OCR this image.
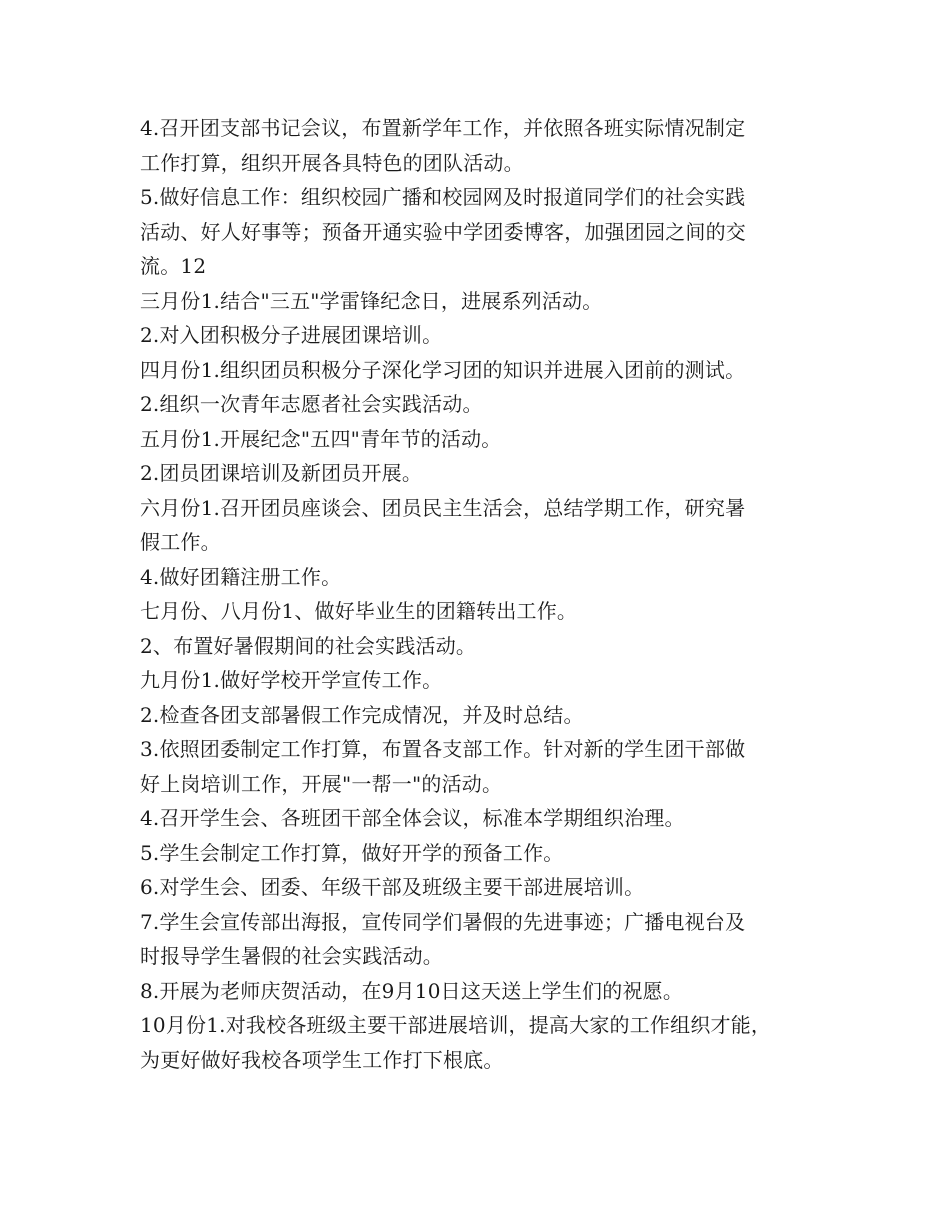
4.召开团支部书记会议，布置新学年工作，并依照各班实际情况制定
工作打算，组织开展各具特色的团队活动。
5.做好信息工作：组织校园广播和校园网及时报道同学们的社会实践
活动、好人好事等；预备开通实验中学团委博客，加强团园之间的交
流。12
三月份1.结合"三五"学雷锋纪念日，进展系列活动。
2.对入团积极分子进展团课培训。
四月份1.组织团员积极分子深化学习团的知识并进展入团前的测试。
2.组织一次青年志愿者社会实践活动。
五月份1.开展纪念"五四"青年节的活动。
2.团员团课培训及新团员开展。
六月份1.召开团员座谈会、团员民主生活会，总结学期工作，研究暑
假工作。
4.做好团籍注册工作。
七月份、八月份1、做好毕业生的团籍转出工作。
2、布置好暑假期间的社会实践活动。
九月份1.做好学校开学宣传工作。
2.检查各团支部暑假工作完成情况，并及时总结。
3.依照团委制定工作打算，布置各支部工作。针对新的学生团干部做
好上岗培训工作，开展"一帮一"的活动。
4.召开学生会、各班团干部全体会议，标准本学期组织治理。
5.学生会制定工作打算，做好开学的预备工作。
6.对学生会、团委、年级干部及班级主要干部进展培训。
7.学生会宣传部出海报，宣传同学们暑假的先进事迹；广播电视台及
时报导学生暑假的社会实践活动。
8.开展为老师庆贺活动，在9月10日这天送上学生们的祝愿。
10月份1.对我校各班级主要干部进展培训，提高大家的工作组织才能，
为更好做好我校各项学生工作打下根底。
